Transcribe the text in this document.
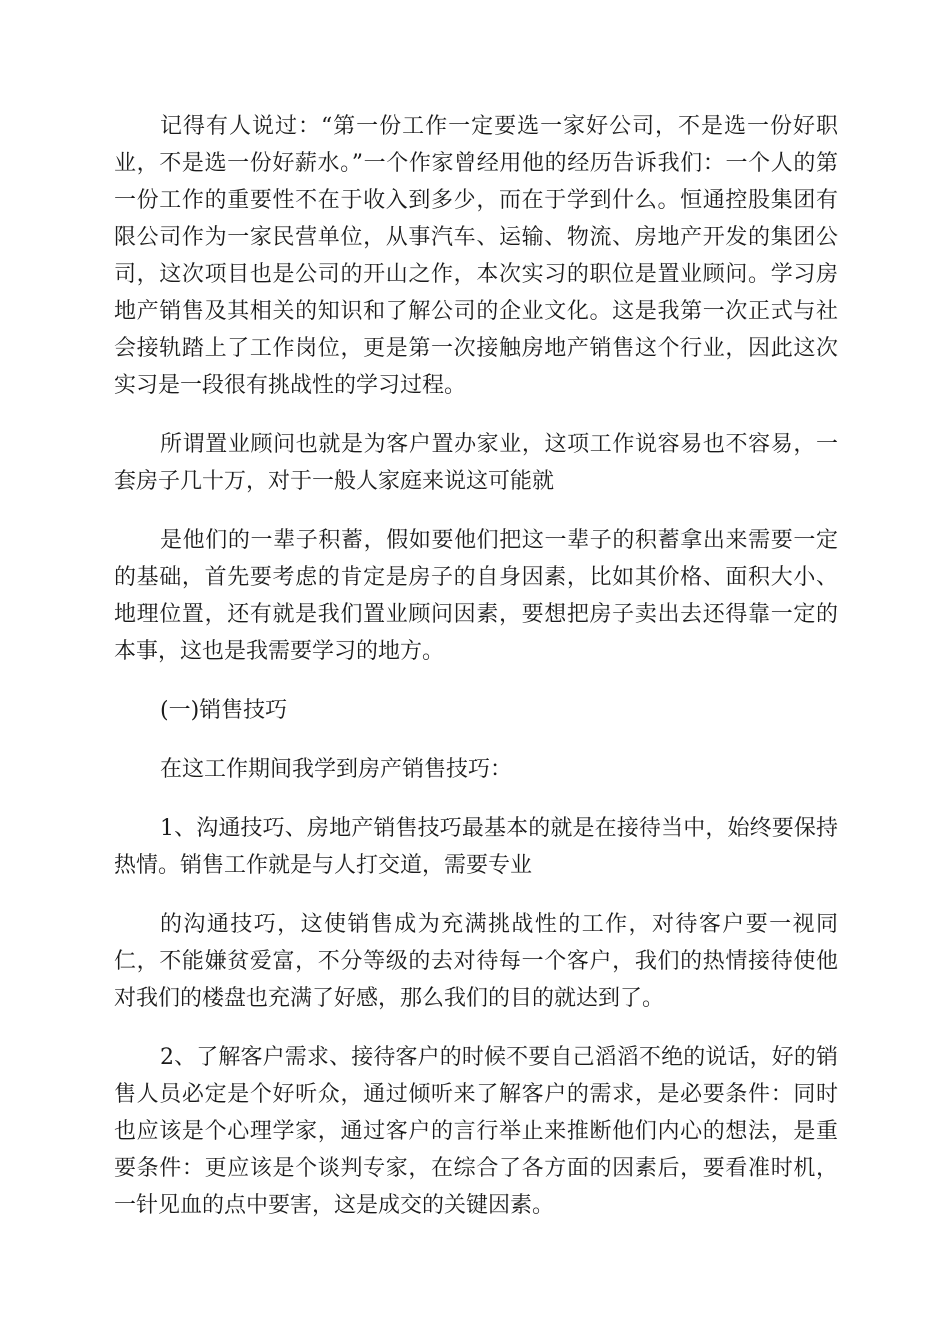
记得有人说过：“第一份工作一定要选一家好公司，不是选一份好职业，不是选一份好薪水。”一个作家曾经用他的经历告诉我们：一个人的第一份工作的重要性不在于收入到多少，而在于学到什么。恒通控股集团有限公司作为一家民营单位，从事汽车、运输、物流、房地产开发的集团公司，这次项目也是公司的开山之作，本次实习的职位是置业顾问。学习房地产销售及其相关的知识和了解公司的企业文化。这是我第一次正式与社会接轨踏上了工作岗位，更是第一次接触房地产销售这个行业，因此这次实习是一段很有挑战性的学习过程。

所谓置业顾问也就是为客户置办家业，这项工作说容易也不容易，一套房子几十万，对于一般人家庭来说这可能就

是他们的一辈子积蓄，假如要他们把这一辈子的积蓄拿出来需要一定的基础，首先要考虑的肯定是房子的自身因素，比如其价格、面积大小、地理位置，还有就是我们置业顾问因素，要想把房子卖出去还得靠一定的本事，这也是我需要学习的地方。

(一)销售技巧

在这工作期间我学到房产销售技巧：

1、沟通技巧、房地产销售技巧最基本的就是在接待当中，始终要保持热情。销售工作就是与人打交道，需要专业

的沟通技巧，这使销售成为充满挑战性的工作，对待客户要一视同仁，不能嫌贫爱富，不分等级的去对待每一个客户，我们的热情接待使他对我们的楼盘也充满了好感，那么我们的目的就达到了。

2、了解客户需求、接待客户的时候不要自己滔滔不绝的说话，好的销售人员必定是个好听众，通过倾听来了解客户的需求，是必要条件：同时也应该是个心理学家，通过客户的言行举止来推断他们内心的想法，是重要条件：更应该是个谈判专家，在综合了各方面的因素后，要看准时机，一针见血的点中要害，这是成交的关键因素。
